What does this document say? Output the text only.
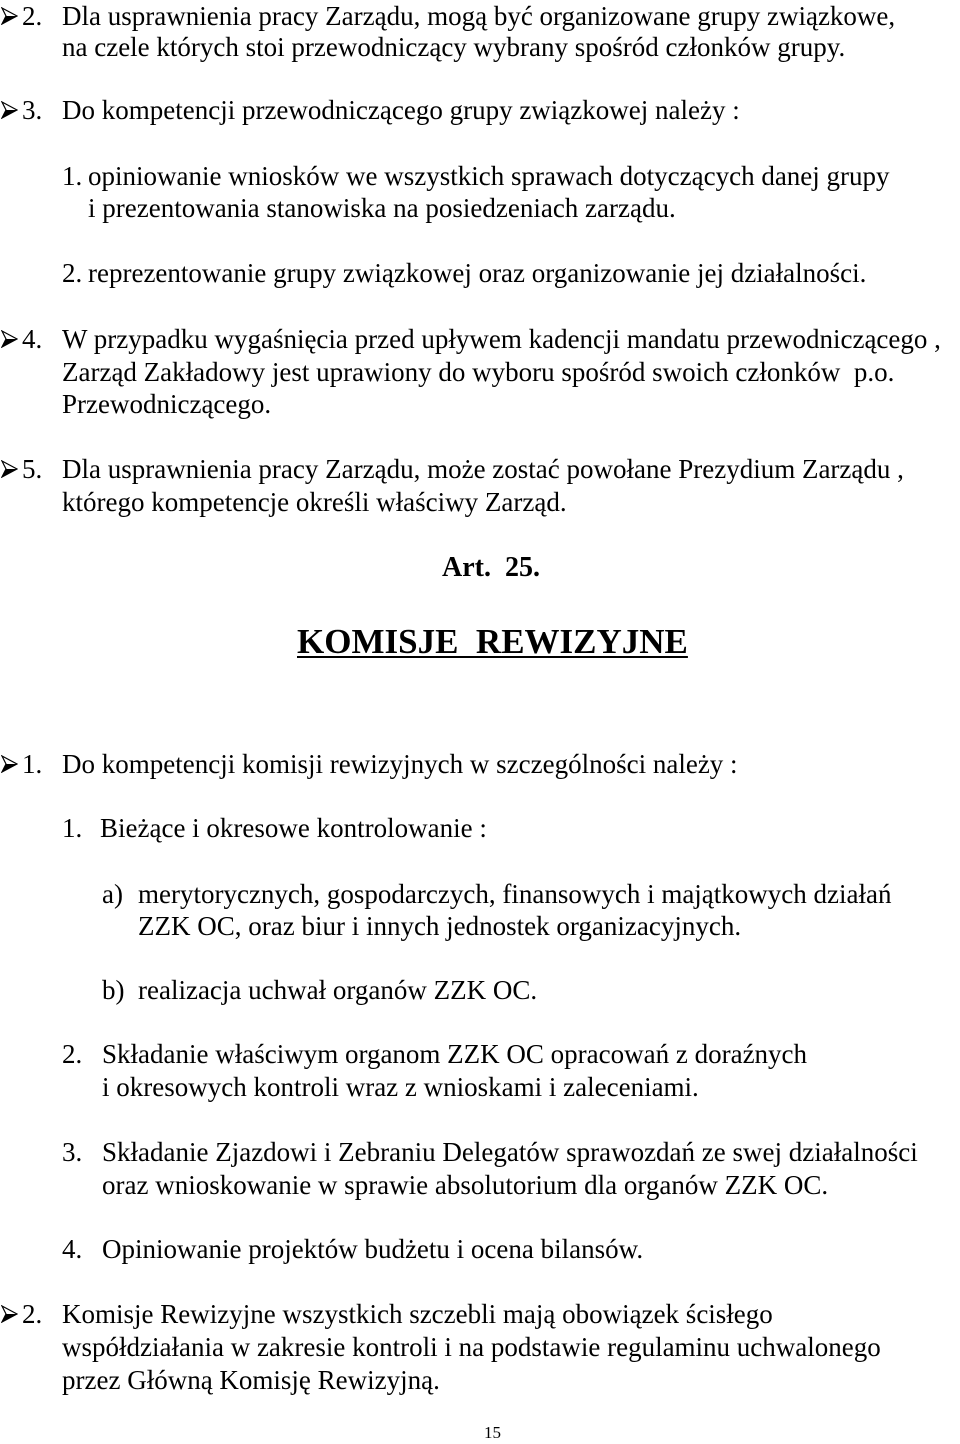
2. Dla usprawnienia pracy Zarządu, mogą być organizowane grupy związkowe,
na czele których stoi przewodniczący wybrany spośród członków grupy.
3. Do kompetencji przewodniczącego grupy związkowej należy :
1. opiniowanie wniosków we wszystkich sprawach dotyczących danej grupy
i prezentowania stanowiska na posiedzeniach zarządu.
2. reprezentowanie grupy związkowej oraz organizowanie jej działalności.
4. W przypadku wygaśnięcia przed upływem kadencji mandatu przewodniczącego ,
Zarząd Zakładowy jest uprawiony do wyboru spośród swoich członków  p.o.
Przewodniczącego.
5. Dla usprawnienia pracy Zarządu, może zostać powołane Prezydium Zarządu ,
którego kompetencje określi właściwy Zarząd.
Art.  25.
KOMISJE  REWIZYJNE
1. Do kompetencji komisji rewizyjnych w szczególności należy :
1. Bieżące i okresowe kontrolowanie :
a) merytorycznych, gospodarczych, finansowych i majątkowych działań
ZZK OC, oraz biur i innych jednostek organizacyjnych.
b) realizacja uchwał organów ZZK OC.
2. Składanie właściwym organom ZZK OC opracowań z doraźnych
i okresowych kontroli wraz z wnioskami i zaleceniami.
3. Składanie Zjazdowi i Zebraniu Delegatów sprawozdań ze swej działalności
oraz wnioskowanie w sprawie absolutorium dla organów ZZK OC.
4. Opiniowanie projektów budżetu i ocena bilansów.
2. Komisje Rewizyjne wszystkich szczebli mają obowiązek ścisłego
współdziałania w zakresie kontroli i na podstawie regulaminu uchwalonego
przez Główną Komisję Rewizyjną.
15
